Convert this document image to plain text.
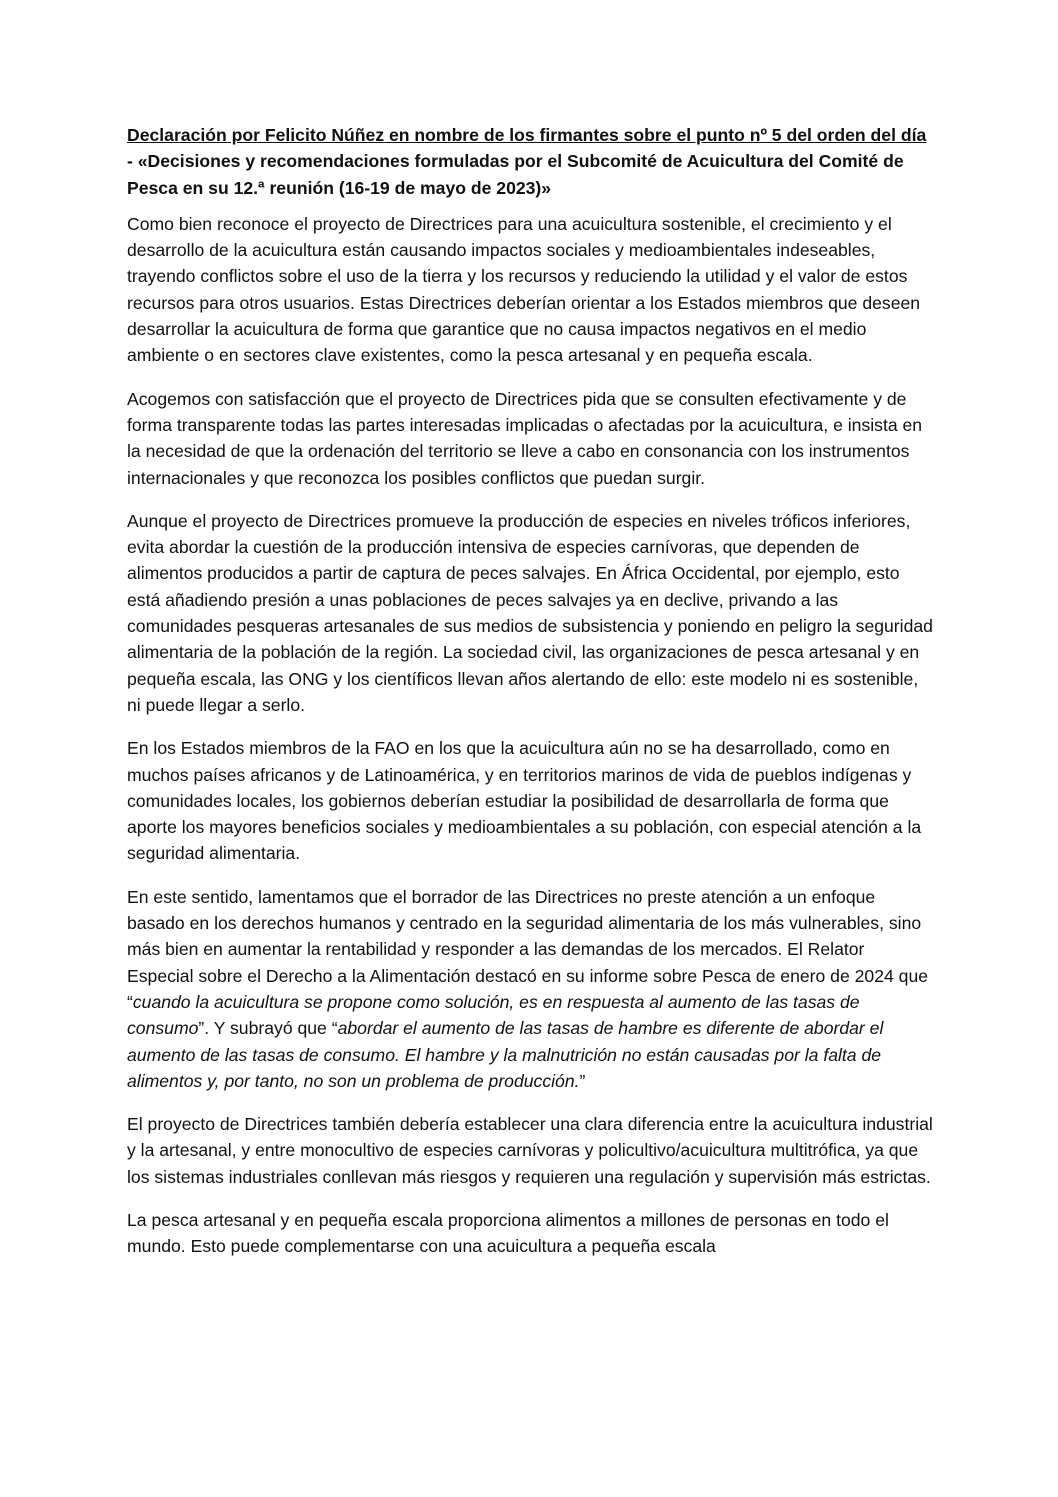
Declaración por Felicito Núñez en nombre de los firmantes sobre el punto nº 5 del orden del día - «Decisiones y recomendaciones formuladas por el Subcomité de Acuicultura del Comité de Pesca en su 12.ª reunión (16-19 de mayo de 2023)»

Como bien reconoce el proyecto de Directrices para una acuicultura sostenible, el crecimiento y el desarrollo de la acuicultura están causando impactos sociales y medioambientales indeseables, trayendo conflictos sobre el uso de la tierra y los recursos y reduciendo la utilidad y el valor de estos recursos para otros usuarios. Estas Directrices deberían orientar a los Estados miembros que deseen desarrollar la acuicultura de forma que garantice que no causa impactos negativos en el medio ambiente o en sectores clave existentes, como la pesca artesanal y en pequeña escala.

Acogemos con satisfacción que el proyecto de Directrices pida que se consulten efectivamente y de forma transparente todas las partes interesadas implicadas o afectadas por la acuicultura, e insista en la necesidad de que la ordenación del territorio se lleve a cabo en consonancia con los instrumentos internacionales y que reconozca los posibles conflictos que puedan surgir.

Aunque el proyecto de Directrices promueve la producción de especies en niveles tróficos inferiores, evita abordar la cuestión de la producción intensiva de especies carnívoras, que dependen de alimentos producidos a partir de captura de peces salvajes. En África Occidental, por ejemplo, esto está añadiendo presión a unas poblaciones de peces salvajes ya en declive, privando a las comunidades pesqueras artesanales de sus medios de subsistencia y poniendo en peligro la seguridad alimentaria de la población de la región. La sociedad civil, las organizaciones de pesca artesanal y en pequeña escala, las ONG y los científicos llevan años alertando de ello: este modelo ni es sostenible, ni puede llegar a serlo.

En los Estados miembros de la FAO en los que la acuicultura aún no se ha desarrollado, como en muchos países africanos y de Latinoamérica, y en territorios marinos de vida de pueblos indígenas y comunidades locales, los gobiernos deberían estudiar la posibilidad de desarrollarla de forma que aporte los mayores beneficios sociales y medioambientales a su población, con especial atención a la seguridad alimentaria.

En este sentido, lamentamos que el borrador de las Directrices no preste atención a un enfoque basado en los derechos humanos y centrado en la seguridad alimentaria de los más vulnerables, sino más bien en aumentar la rentabilidad y responder a las demandas de los mercados. El Relator Especial sobre el Derecho a la Alimentación destacó en su informe sobre Pesca de enero de 2024 que “cuando la acuicultura se propone como solución, es en respuesta al aumento de las tasas de consumo”. Y subrayó que “abordar el aumento de las tasas de hambre es diferente de abordar el aumento de las tasas de consumo. El hambre y la malnutrición no están causadas por la falta de alimentos y, por tanto, no son un problema de producción.”

El proyecto de Directrices también debería establecer una clara diferencia entre la acuicultura industrial y la artesanal, y entre monocultivo de especies carnívoras y policultivo/acuicultura multitrófica, ya que los sistemas industriales conllevan más riesgos y requieren una regulación y supervisión más estrictas.

La pesca artesanal y en pequeña escala proporciona alimentos a millones de personas en todo el mundo. Esto puede complementarse con una acuicultura a pequeña escala
